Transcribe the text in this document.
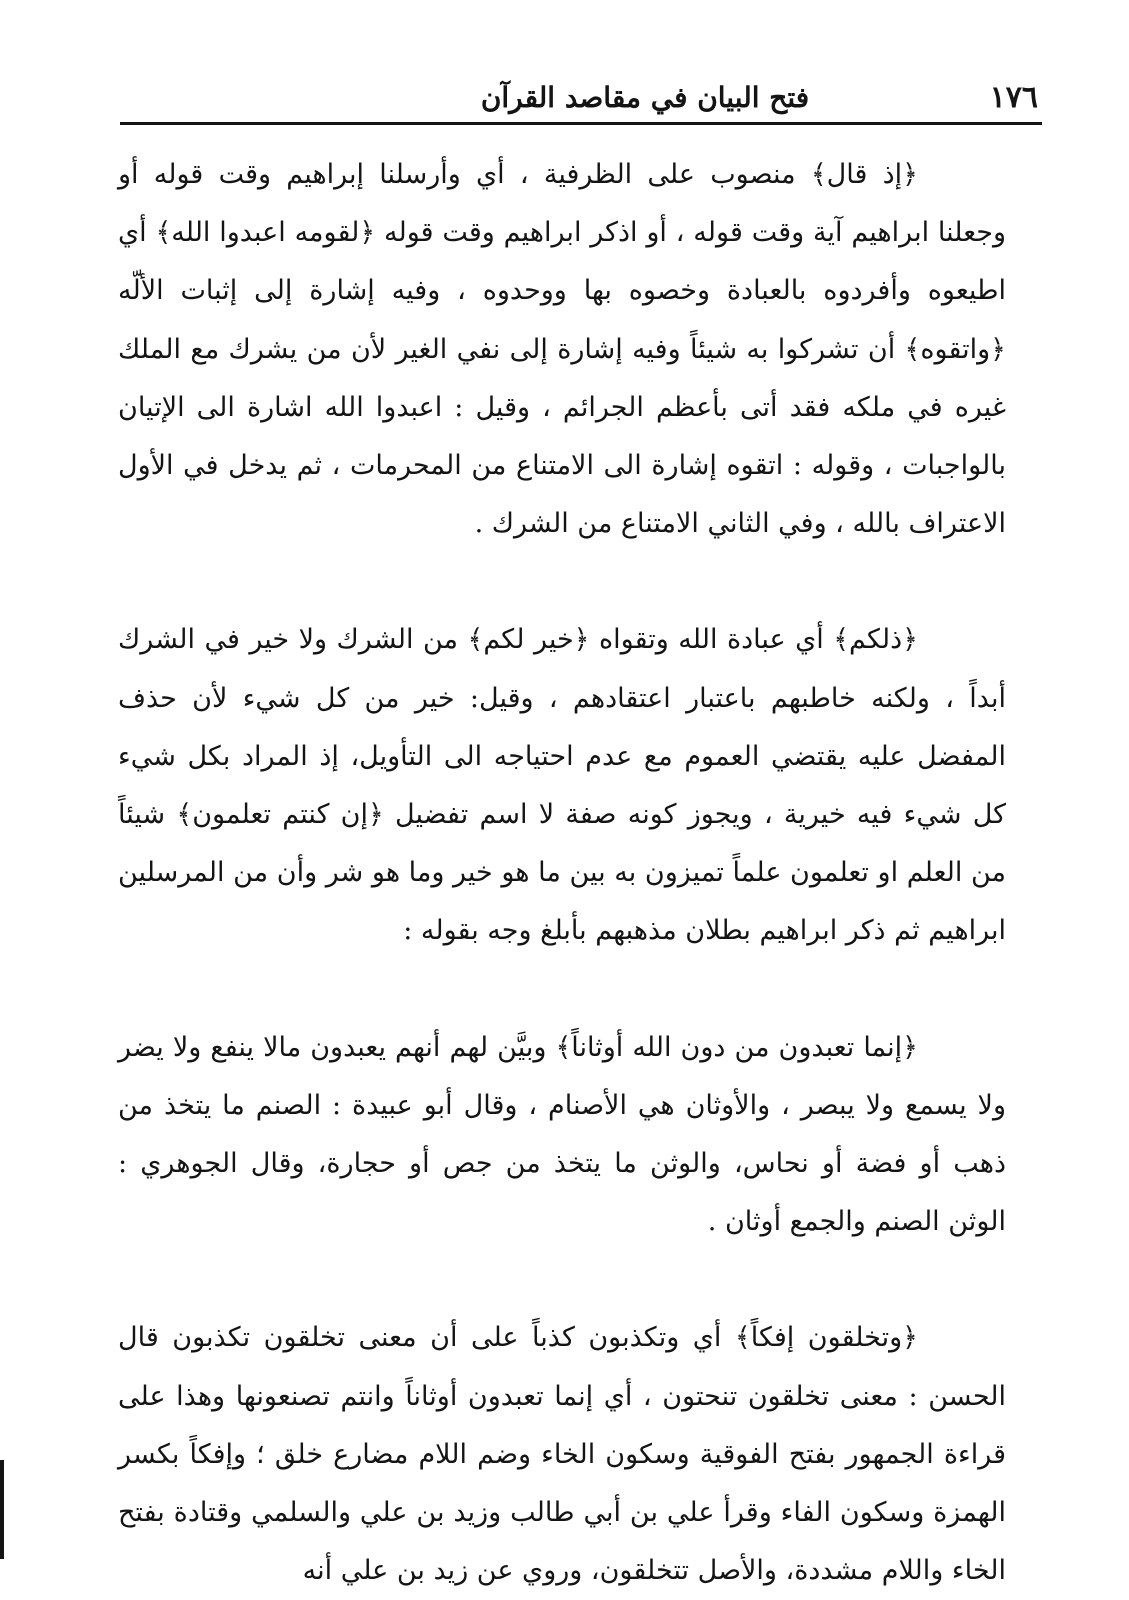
١٧٦
فتح البيان في مقاصد القرآن

﴿إذ قال﴾ منصوب على الظرفية ، أي وأرسلنا إبراهيم وقت قوله أو وجعلنا ابراهيم آية وقت قوله ، أو اذكر ابراهيم وقت قوله ﴿لقومه اعبدوا الله﴾ أي اطيعوه وأفردوه بالعبادة وخصوه بها ووحدوه ، وفيه إشارة إلى إثبات الألّه ﴿واتقوه﴾ أن تشركوا به شيئاً وفيه إشارة إلى نفي الغير لأن من يشرك مع الملك غيره في ملكه فقد أتى بأعظم الجرائم ، وقيل : اعبدوا الله اشارة الى الإتيان بالواجبات ، وقوله : اتقوه إشارة الى الامتناع من المحرمات ، ثم يدخل في الأول الاعتراف بالله ، وفي الثاني الامتناع من الشرك .

﴿ذلكم﴾ أي عبادة الله وتقواه ﴿خير لكم﴾ من الشرك ولا خير في الشرك أبداً ، ولكنه خاطبهم باعتبار اعتقادهم ، وقيل: خير من كل شيء لأن حذف المفضل عليه يقتضي العموم مع عدم احتياجه الى التأويل، إذ المراد بكل شيء كل شيء فيه خيرية ، ويجوز كونه صفة لا اسم تفضيل ﴿إن كنتم تعلمون﴾ شيئاً من العلم او تعلمون علماً تميزون به بين ما هو خير وما هو شر وأن من المرسلين ابراهيم ثم ذكر ابراهيم بطلان مذهبهم بأبلغ وجه بقوله :

﴿إنما تعبدون من دون الله أوثاناً﴾ وبيَّن لهم أنهم يعبدون مالا ينفع ولا يضر ولا يسمع ولا يبصر ، والأوثان هي الأصنام ، وقال أبو عبيدة : الصنم ما يتخذ من ذهب أو فضة أو نحاس، والوثن ما يتخذ من جص أو حجارة، وقال الجوهري : الوثن الصنم والجمع أوثان .

﴿وتخلقون إفكاً﴾ أي وتكذبون كذباً على أن معنى تخلقون تكذبون قال الحسن : معنى تخلقون تنحتون ، أي إنما تعبدون أوثاناً وانتم تصنعونها وهذا على قراءة الجمهور بفتح الفوقية وسكون الخاء وضم اللام مضارع خلق ؛ وإفكاً بكسر الهمزة وسكون الفاء وقرأ علي بن أبي طالب وزيد بن علي والسلمي وقتادة بفتح الخاء واللام مشددة، والأصل تتخلقون، وروي عن زيد بن علي أنه
